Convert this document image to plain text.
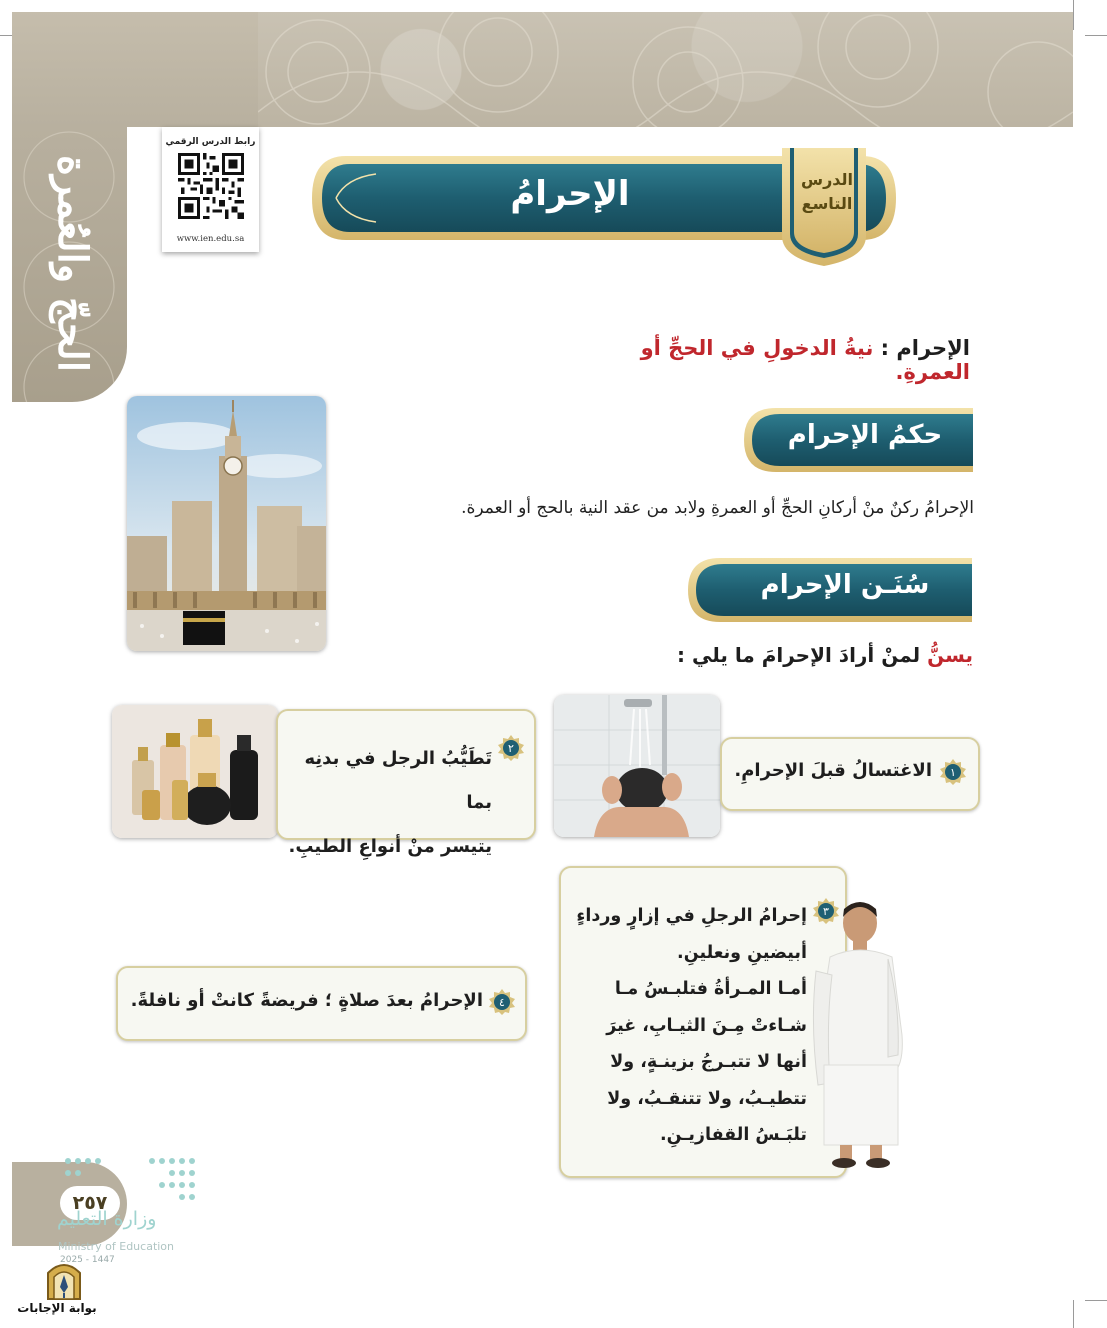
الحجّ والعُمرة
رابط الدرس الرقمي
www.ien.edu.sa
الإحرامُ	الدرس
التاسع
الإحرام : نيةُ الدخولِ في الحجِّ أو العمرةِ.
حكمُ الإحرام
الإحرامُ ركنٌ منْ أركانِ الحجِّ أو العمرةِ ولابد من عقد النية بالحج أو العمرة.
سُنَـن الإحرام
يسنُّ لمنْ أرادَ الإحرامَ ما يلي :
١
الاغتسالُ قبلَ الإحرامِ.
٢
تَطَيُّبُ الرجل في بدنِه بما
يتيسر منْ أنواعِ الطيبِ.
٣
إحرامُ الرجلِ في إزارٍ ورداءٍ
أبيضينِ ونعلينِ.
أمـا المـرأةُ فتلبـسُ مـا
شـاءتْ مِـنَ الثيـابِ، غيرَ
أنها لا تتبـرجُ بزينـةٍ، ولا
تتطيـبُ، ولا تتنقـبُ، ولا
تلبَـسُ القفازيـنِ.
٤
الإحرامُ بعدَ صلاةٍ ؛ فريضةً كانتْ أو نافلةً.
٢٥٧
وزارة التعليم
Ministry of Education
2025 - 1447
بوابة الإجابات
